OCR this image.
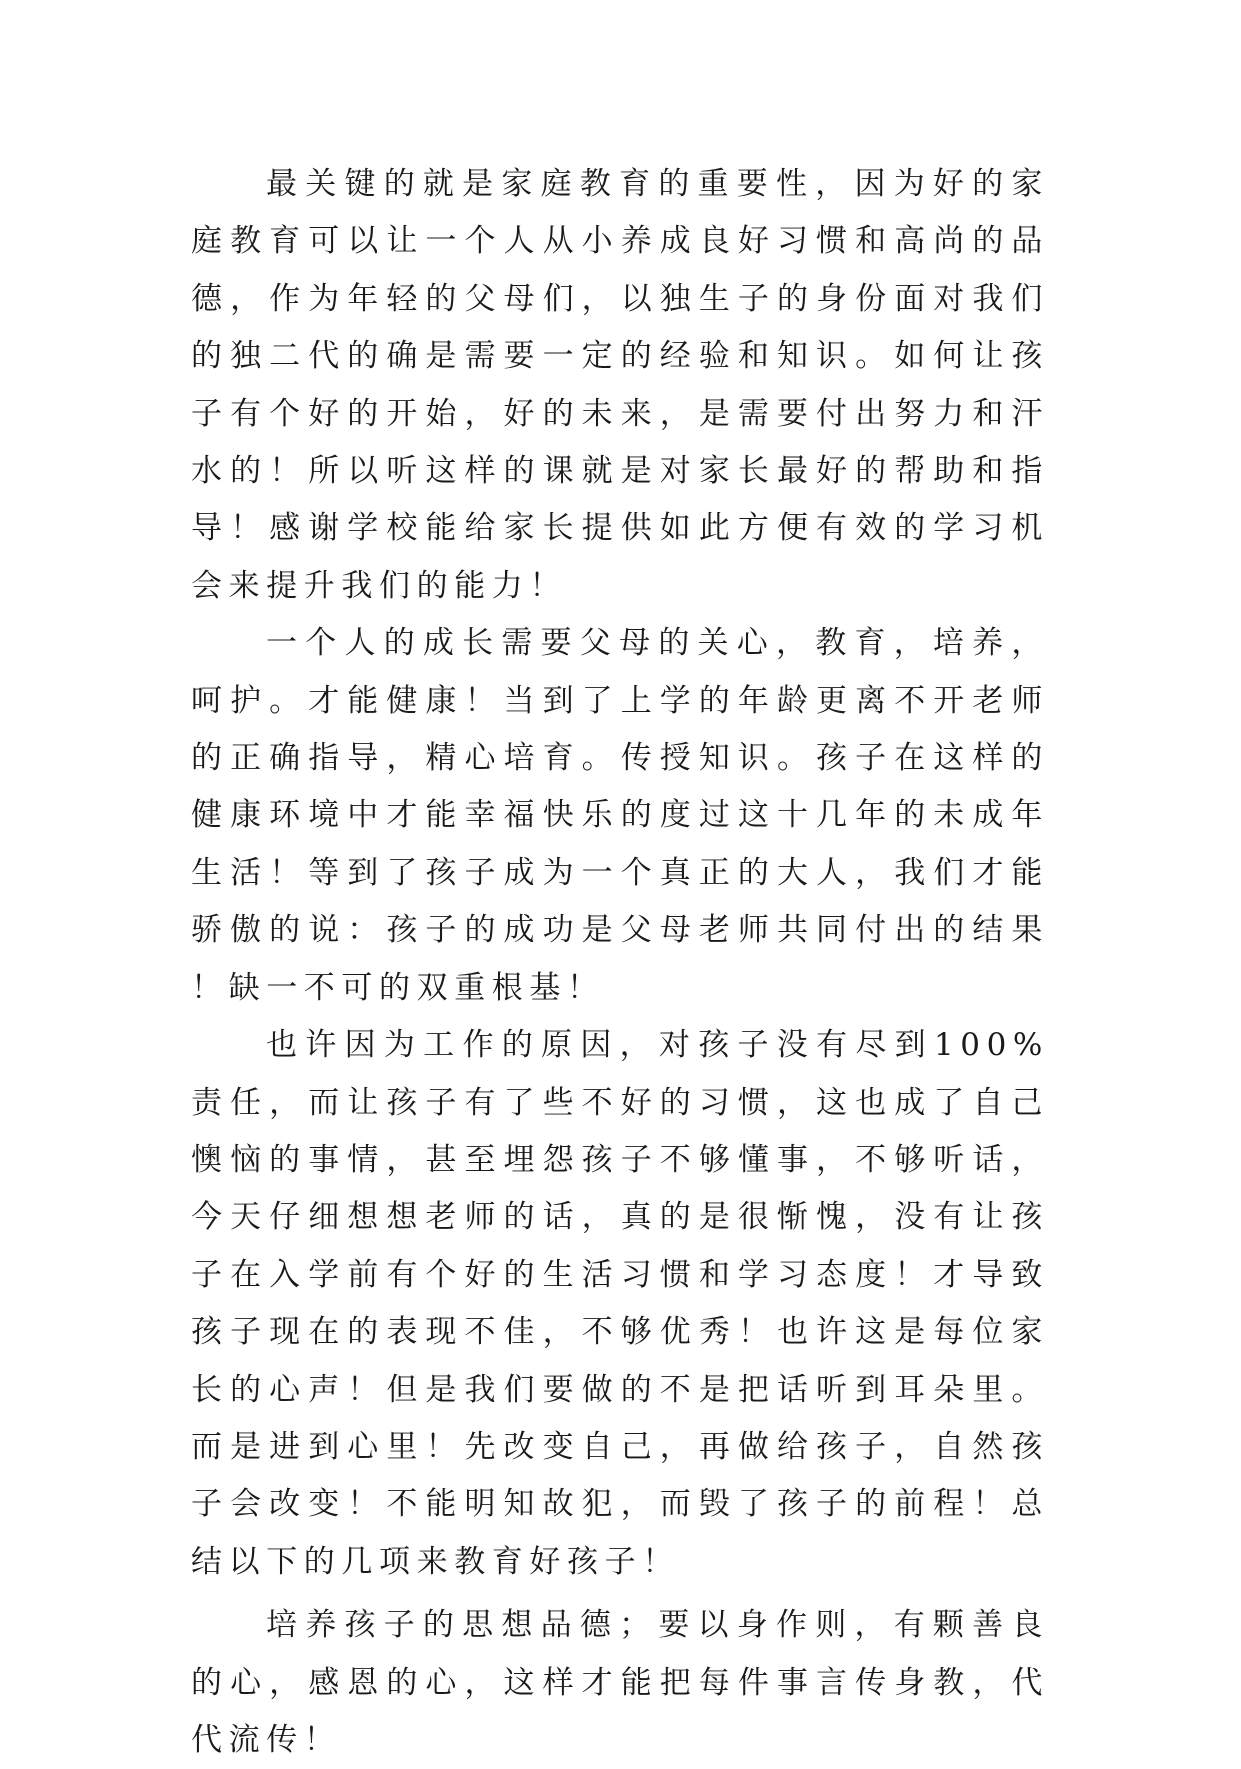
最关键的就是家庭教育的重要性，因为好的家庭教育可以让一个人从小养成良好习惯和高尚的品德，作为年轻的父母们，以独生子的身份面对我们的独二代的确是需要一定的经验和知识。如何让孩子有个好的开始，好的未来，是需要付出努力和汗水的！所以听这样的课就是对家长最好的帮助和指导！感谢学校能给家长提供如此方便有效的学习机会来提升我们的能力！

一个人的成长需要父母的关心，教育，培养，呵护。才能健康！当到了上学的年龄更离不开老师的正确指导，精心培育。传授知识。孩子在这样的健康环境中才能幸福快乐的度过这十几年的未成年生活！等到了孩子成为一个真正的大人，我们才能骄傲的说：孩子的成功是父母老师共同付出的结果！缺一不可的双重根基！

也许因为工作的原因，对孩子没有尽到100%责任，而让孩子有了些不好的习惯，这也成了自己懊恼的事情，甚至埋怨孩子不够懂事，不够听话，今天仔细想想老师的话，真的是很惭愧，没有让孩子在入学前有个好的生活习惯和学习态度！才导致孩子现在的表现不佳，不够优秀！也许这是每位家长的心声！但是我们要做的不是把话听到耳朵里。而是进到心里！先改变自己，再做给孩子，自然孩子会改变！不能明知故犯，而毁了孩子的前程！总结以下的几项来教育好孩子！

培养孩子的思想品德；要以身作则，有颗善良的心，感恩的心，这样才能把每件事言传身教，代代流传！
